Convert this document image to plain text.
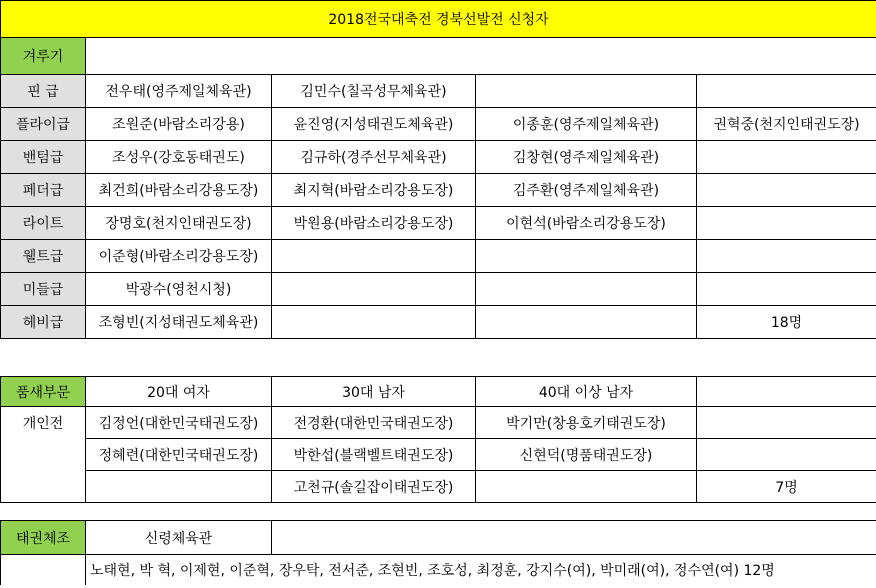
2018전국대축전 경북선발전 신청자				
겨루기				
핀 급	전우태(영주제일체육관)	김민수(칠곡성무체육관)		
플라이급	조원준(바람소리강용)	윤진영(지성태권도체육관)	이종훈(영주제일체육관)	권혁중(천지인태권도장)
밴텀급	조성우(강호동태권도)	김규하(경주선무체육관)	김창현(영주제일체육관)	
페더급	최건희(바람소리강용도장)	최지혁(바람소리강용도장)	김주환(영주제일체육관)	
라이트	장명호(천지인태권도장)	박원용(바람소리강용도장)	이현석(바람소리강용도장)	
웰트급	이준형(바람소리강용도장)			
미들급	박광수(영천시청)			
헤비급	조형빈(지성태권도체육관)			18명

품새부문	20대 여자	30대 남자	40대 이상 남자	
개인전	김정언(대한민국태권도장)	전경환(대한민국태권도장)	박기만(창용호키태권도장)	
	정혜련(대한민국태권도장)	박한섭(블랙벨트태권도장)	신현덕(명품태권도장)	
		고천규(솔길잡이태권도장)		7명

태권체조	신령체육관			
	노태현, 박 혁, 이제현, 이준혁, 장우탁, 전서준, 조현빈, 조호성, 최정훈, 강지수(여), 박미래(여), 정수연(여) 12명			
